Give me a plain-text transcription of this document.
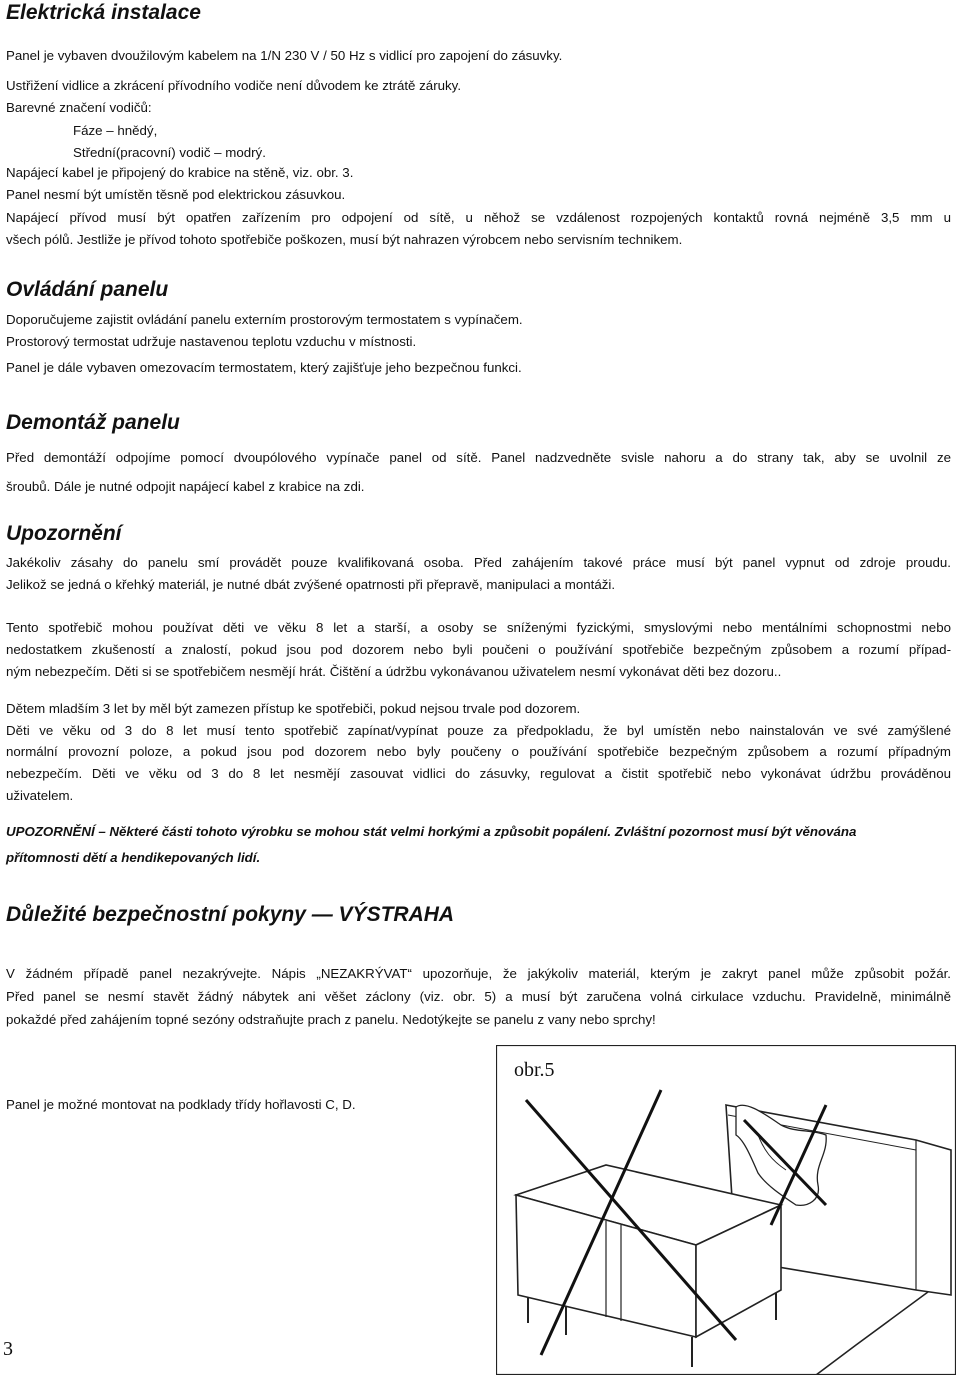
Elektrická instalace
Panel je vybaven dvoužilovým kabelem na 1/N 230 V / 50 Hz s vidlicí pro zapojení do zásuvky.
Ustřižení vidlice a zkrácení přívodního vodiče není důvodem ke ztrátě záruky.
Barevné značení vodičů:
Fáze – hnědý,
Střední(pracovní) vodič – modrý.
Napájecí kabel je připojený do krabice na stěně, viz. obr. 3.
Panel nesmí být umístěn těsně pod elektrickou zásuvkou.
Napájecí přívod musí být opatřen zařízením pro odpojení od sítě, u něhož se vzdálenost rozpojených kontaktů rovná nejméně 3,5 mm u
všech pólů. Jestliže je přívod tohoto spotřebiče poškozen, musí být nahrazen výrobcem nebo servisním technikem.
Ovládání panelu
Doporučujeme zajistit ovládání panelu externím prostorovým termostatem s vypínačem.
Prostorový termostat udržuje nastavenou teplotu vzduchu v místnosti.
Panel je dále vybaven omezovacím termostatem, který zajišťuje jeho bezpečnou funkci.
Demontáž panelu
Před demontáží odpojíme pomocí dvoupólového vypínače panel od sítě. Panel nadzvedněte svisle nahoru a do strany tak, aby se uvolnil ze
šroubů. Dále je nutné odpojit napájecí kabel z krabice na zdi.
Upozornění
Jakékoliv zásahy do panelu smí provádět pouze kvalifikovaná osoba. Před zahájením takové práce musí být panel vypnut od zdroje proudu.
Jelikož se jedná o křehký materiál, je nutné dbát zvýšené opatrnosti při přepravě, manipulaci a montáži.
Tento spotřebič mohou používat děti ve věku 8 let a starší, a osoby se sníženými fyzickými, smyslovými nebo mentálními schopnostmi nebo
nedostatkem zkušeností a znalostí, pokud jsou pod dozorem nebo byli poučeni o používání spotřebiče bezpečným způsobem a rozumí případ-
ným nebezpečím. Děti si se spotřebičem nesmějí hrát. Čištění a údržbu vykonávanou uživatelem nesmí vykonávat děti bez dozoru..
Dětem mladším 3 let by měl být zamezen přístup ke spotřebiči, pokud nejsou trvale pod dozorem.
Děti ve věku od 3 do 8 let musí tento spotřebič zapínat/vypínat pouze za předpokladu, že byl umístěn nebo nainstalován ve své zamýšlené
normální provozní poloze, a pokud jsou pod dozorem nebo byly poučeny o používání spotřebiče bezpečným způsobem a rozumí případným
nebezpečím. Děti ve věku od 3 do 8 let nesmějí zasouvat vidlici do zásuvky, regulovat a čistit spotřebič nebo vykonávat údržbu prováděnou
uživatelem.
UPOZORNĚNÍ – Některé části tohoto výrobku se mohou stát velmi horkými a způsobit popálení. Zvláštní pozornost musí být věnována
přítomnosti dětí a hendikepovaných lidí.
Důležité bezpečnostní pokyny — VÝSTRAHA
V žádném případě panel nezakrývejte. Nápis „NEZAKRÝVAT“ upozorňuje, že jakýkoliv materiál, kterým je zakryt panel může způsobit požár.
Před panel se nesmí stavět žádný nábytek ani věšet záclony (viz. obr. 5) a musí být zaručena volná cirkulace vzduchu. Pravidelně, minimálně
pokaždé před zahájením topné sezóny odstraňujte prach z panelu. Nedotýkejte se panelu z vany nebo sprchy!
Panel je možné montovat na podklady třídy hořlavosti C, D.
obr.5
3
